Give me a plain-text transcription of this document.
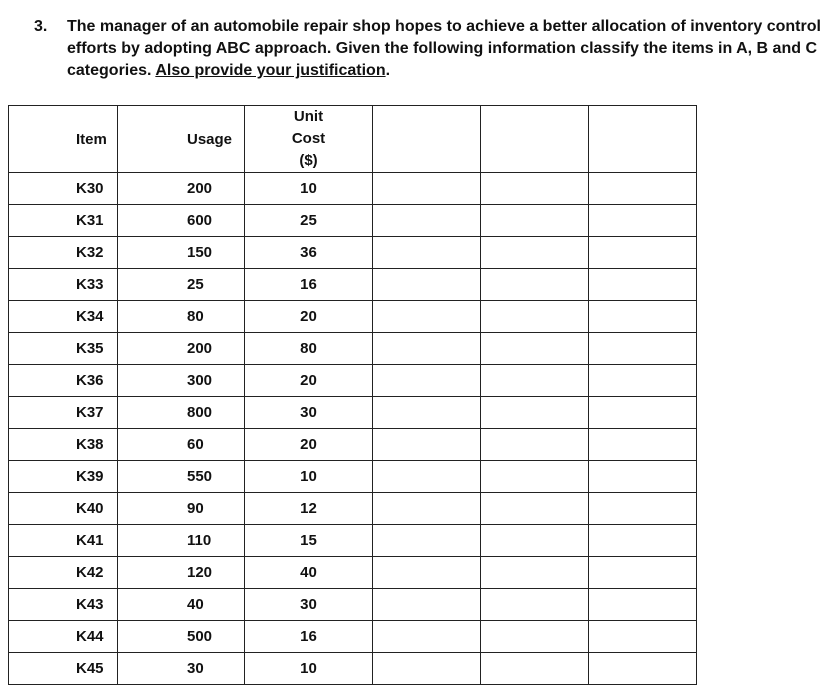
3. The manager of an automobile repair shop hopes to achieve a better allocation of inventory control efforts by adopting ABC approach. Given the following information classify the items in A, B and C categories. Also provide your justification.
Item	Usage	Unit
Cost
($)			

K30	200	10			
K31	600	25			
K32	150	36			
K33	25	16			
K34	80	20			
K35	200	80			
K36	300	20			
K37	800	30			
K38	60	20			
K39	550	10			
K40	90	12			
K41	110	15			
K42	120	40			
K43	40	30			
K44	500	16			
K45	30	10			
